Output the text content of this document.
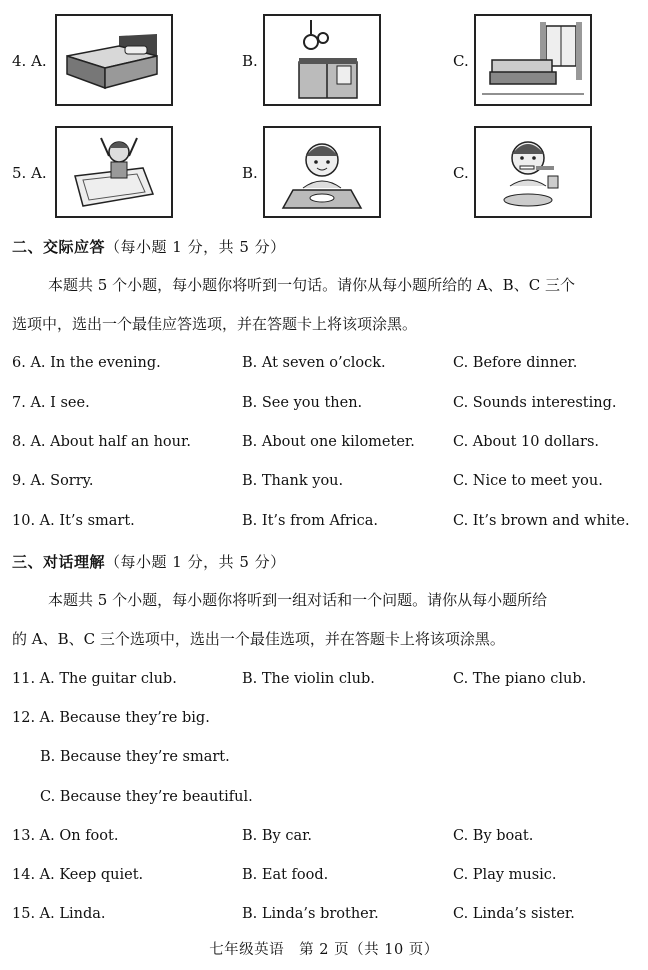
4. A.	B.	C.
5. A.	B.	C.
二、交际应答（每小题 1 分，共 5 分）
本题共 5 个小题，每小题你将听到一句话。请你从每小题所给的 A、B、C 三个
选项中，选出一个最佳应答选项，并在答题卡上将该项涂黑。
6. A. In the evening.	B. At seven o’clock.	C. Before dinner.
7. A. I see.	B. See you then.	C. Sounds interesting.
8. A. About half an hour.	B. About one kilometer.	C. About 10 dollars.
9. A. Sorry.	B. Thank you.	C. Nice to meet you.
10. A. It’s smart.	B. It’s from Africa.	C. It’s brown and white.
三、对话理解（每小题 1 分，共 5 分）
本题共 5 个小题，每小题你将听到一组对话和一个问题。请你从每小题所给
的 A、B、C 三个选项中，选出一个最佳选项，并在答题卡上将该项涂黑。
11. A. The guitar club.	B. The violin club.	C. The piano club.
12. A. Because they’re big.
B. Because they’re smart.
C. Because they’re beautiful.
13. A. On foot.	B. By car.	C. By boat.
14. A. Keep quiet.	B. Eat food.	C. Play music.
15. A. Linda.	B. Linda’s brother.	C. Linda’s sister.
七年级英语　第 2 页（共 10 页）
